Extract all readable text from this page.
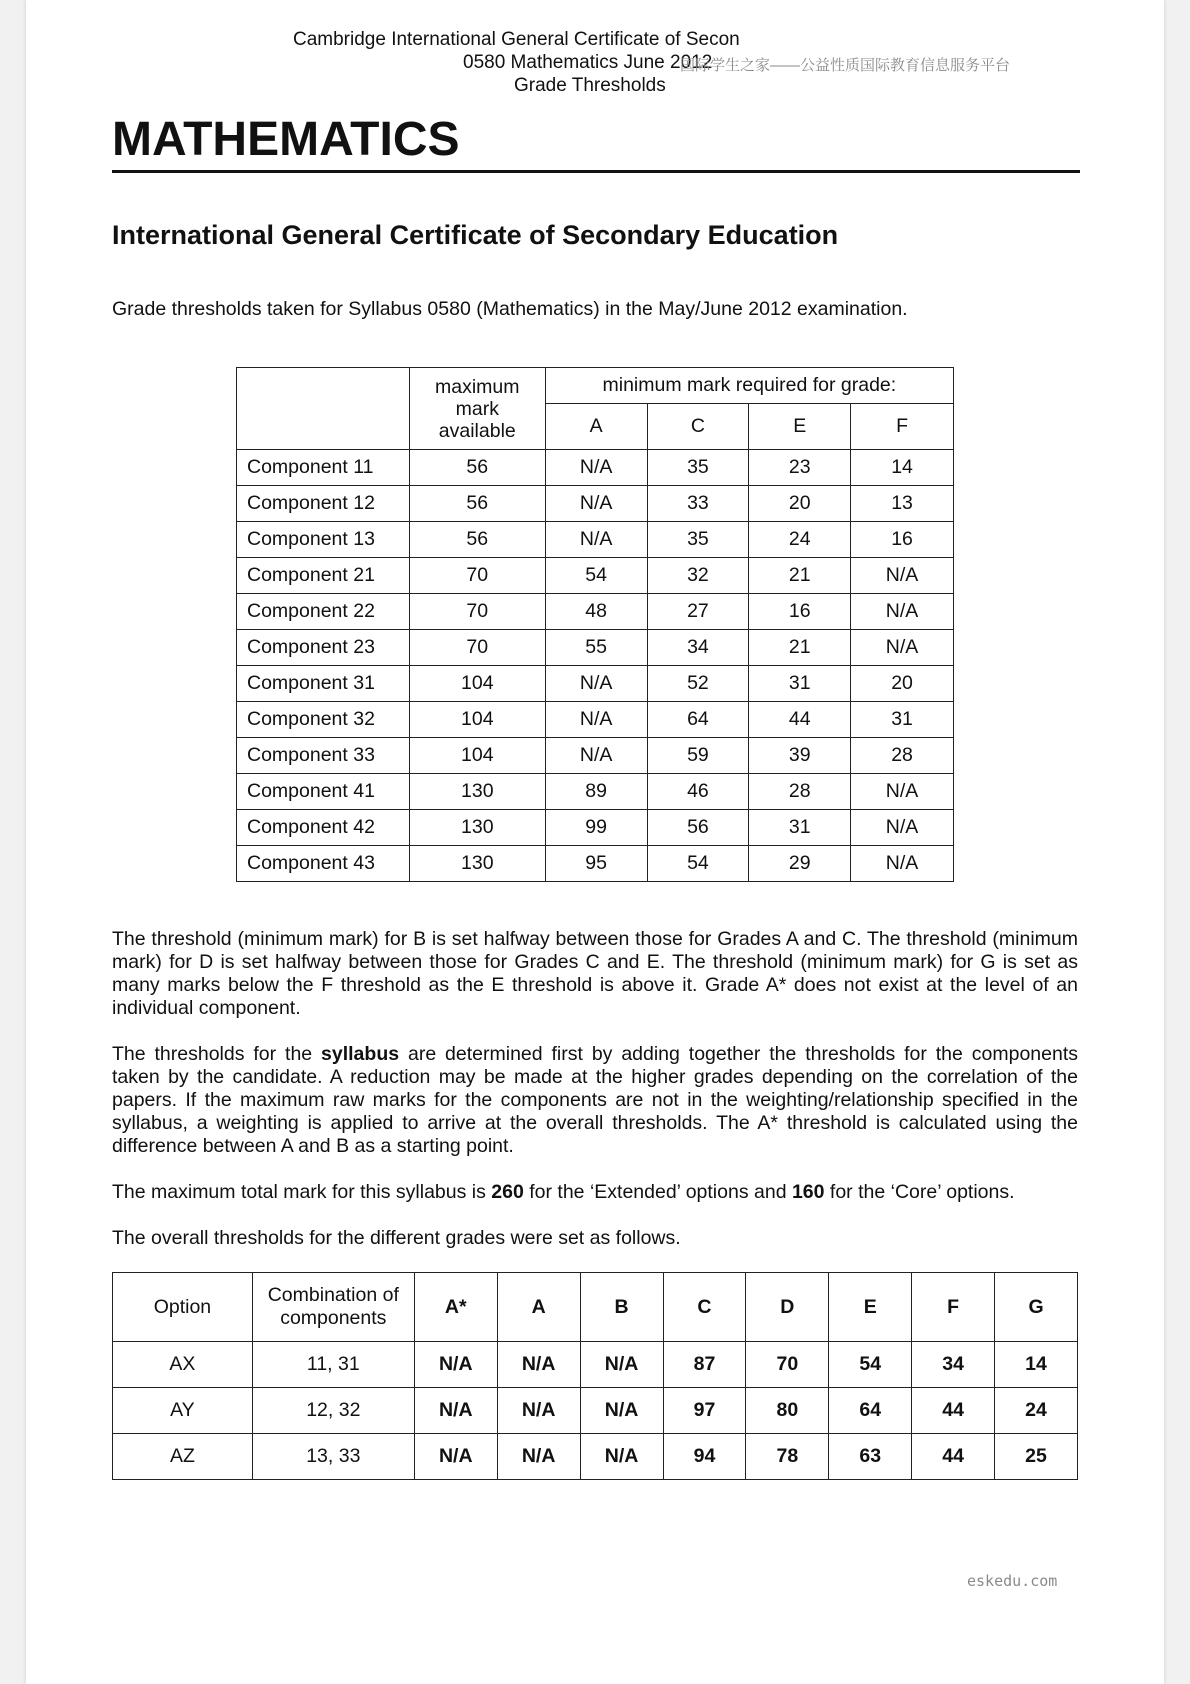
Cambridge International General Certificate of Secon
0580 Mathematics June 2012
Grade Thresholds
国际学生之家——公益性质国际教育信息服务平台
MATHEMATICS
International General Certificate of Secondary Education
Grade thresholds taken for Syllabus 0580 (Mathematics) in the May/June 2012 examination.
	maximum mark available	minimum mark required for grade:			
		A	C	E	F
Component 11	56	N/A	35	23	14
Component 12	56	N/A	33	20	13
Component 13	56	N/A	35	24	16
Component 21	70	54	32	21	N/A
Component 22	70	48	27	16	N/A
Component 23	70	55	34	21	N/A
Component 31	104	N/A	52	31	20
Component 32	104	N/A	64	44	31
Component 33	104	N/A	59	39	28
Component 41	130	89	46	28	N/A
Component 42	130	99	56	31	N/A
Component 43	130	95	54	29	N/A
The threshold (minimum mark) for B is set halfway between those for Grades A and C. The threshold (minimum mark) for D is set halfway between those for Grades C and E. The threshold (minimum mark) for G is set as many marks below the F threshold as the E threshold is above it. Grade A* does not exist at the level of an individual component.
The thresholds for the syllabus are determined first by adding together the thresholds for the components taken by the candidate. A reduction may be made at the higher grades depending on the correlation of the papers. If the maximum raw marks for the components are not in the weighting/relationship specified in the syllabus, a weighting is applied to arrive at the overall thresholds. The A* threshold is calculated using the difference between A and B as a starting point.
The maximum total mark for this syllabus is 260 for the ‘Extended’ options and 160 for the ‘Core’ options.
The overall thresholds for the different grades were set as follows.
Option	Combination of components	A*	A	B	C	D	E	F	G
AX	11, 31	N/A	N/A	N/A	87	70	54	34	14
AY	12, 32	N/A	N/A	N/A	97	80	64	44	24
AZ	13, 33	N/A	N/A	N/A	94	78	63	44	25
eskedu.com
